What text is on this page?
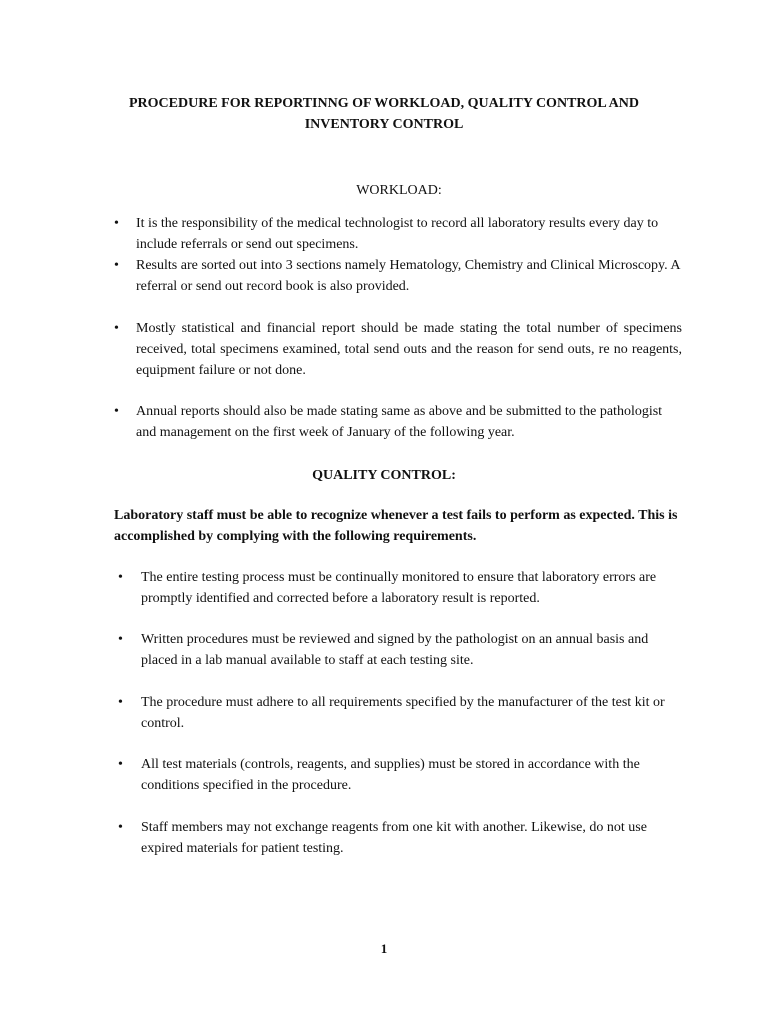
PROCEDURE FOR REPORTINNG OF WORKLOAD, QUALITY CONTROL AND INVENTORY CONTROL
WORKLOAD:
•	It is the responsibility of the medical technologist to record all laboratory results every day to include referrals or send out specimens.
•	Results are sorted out into 3 sections namely Hematology, Chemistry and Clinical Microscopy. A referral or send out record book is also provided.
•	Mostly statistical and financial report should be made stating the total number of specimens received, total specimens examined, total send outs and the reason for send outs, re no reagents, equipment failure or not done.
•	Annual reports should also be made stating same as above and be submitted to the pathologist and management on the first week of January of the following year.
QUALITY CONTROL:
Laboratory staff must be able to recognize whenever a test fails to perform as expected. This is accomplished by complying with the following requirements.
•	The entire testing process must be continually monitored to ensure that laboratory errors are promptly identified and corrected before a laboratory result is reported.
•	Written procedures must be reviewed and signed by the pathologist on an annual basis and placed in a lab manual available to staff at each testing site.
•	The procedure must adhere to all requirements specified by the manufacturer of the test kit or control.
•	All test materials (controls, reagents, and supplies) must be stored in accordance with the conditions specified in the procedure.
•	Staff members may not exchange reagents from one kit with another. Likewise, do not use expired materials for patient testing.
1
